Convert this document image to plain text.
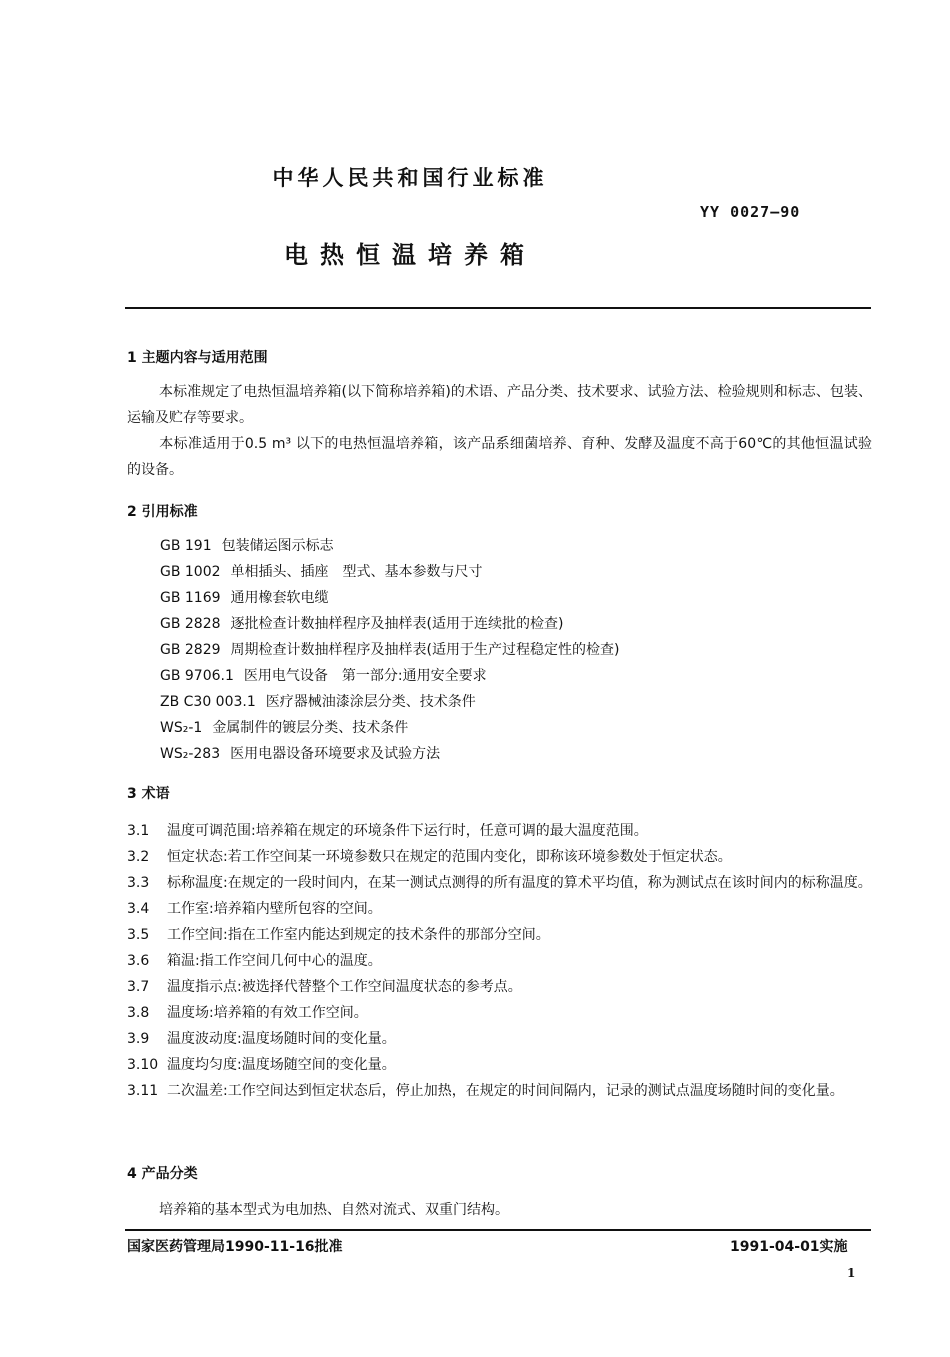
中华人民共和国行业标准
YY 0027—90
电热恒温培养箱
1 主题内容与适用范围
本标准规定了电热恒温培养箱(以下简称培养箱)的术语、产品分类、技术要求、试验方法、检验规则和标志、包装、运输及贮存等要求。
本标准适用于0.5 m³ 以下的电热恒温培养箱，该产品系细菌培养、育种、发酵及温度不高于60℃的其他恒温试验的设备。
2 引用标准
GB 191 包装储运图示标志
GB 1002 单相插头、插座　型式、基本参数与尺寸
GB 1169 通用橡套软电缆
GB 2828 逐批检查计数抽样程序及抽样表(适用于连续批的检查)
GB 2829 周期检查计数抽样程序及抽样表(适用于生产过程稳定性的检查)
GB 9706.1 医用电气设备　第一部分:通用安全要求
ZB C30 003.1 医疗器械油漆涂层分类、技术条件
WS₂-1 金属制件的镀层分类、技术条件
WS₂-283 医用电器设备环境要求及试验方法
3 术语
3.1 温度可调范围:培养箱在规定的环境条件下运行时，任意可调的最大温度范围。
3.2 恒定状态:若工作空间某一环境参数只在规定的范围内变化，即称该环境参数处于恒定状态。
3.3 标称温度:在规定的一段时间内，在某一测试点测得的所有温度的算术平均值，称为测试点在该时间内的标称温度。
3.4 工作室:培养箱内壁所包容的空间。
3.5 工作空间:指在工作室内能达到规定的技术条件的那部分空间。
3.6 箱温:指工作空间几何中心的温度。
3.7 温度指示点:被选择代替整个工作空间温度状态的参考点。
3.8 温度场:培养箱的有效工作空间。
3.9 温度波动度:温度场随时间的变化量。
3.10 温度均匀度:温度场随空间的变化量。
3.11 二次温差:工作空间达到恒定状态后，停止加热，在规定的时间间隔内，记录的测试点温度场随时间的变化量。
4 产品分类
培养箱的基本型式为电加热、自然对流式、双重门结构。
国家医药管理局1990-11-16批准	1991-04-01实施
1
